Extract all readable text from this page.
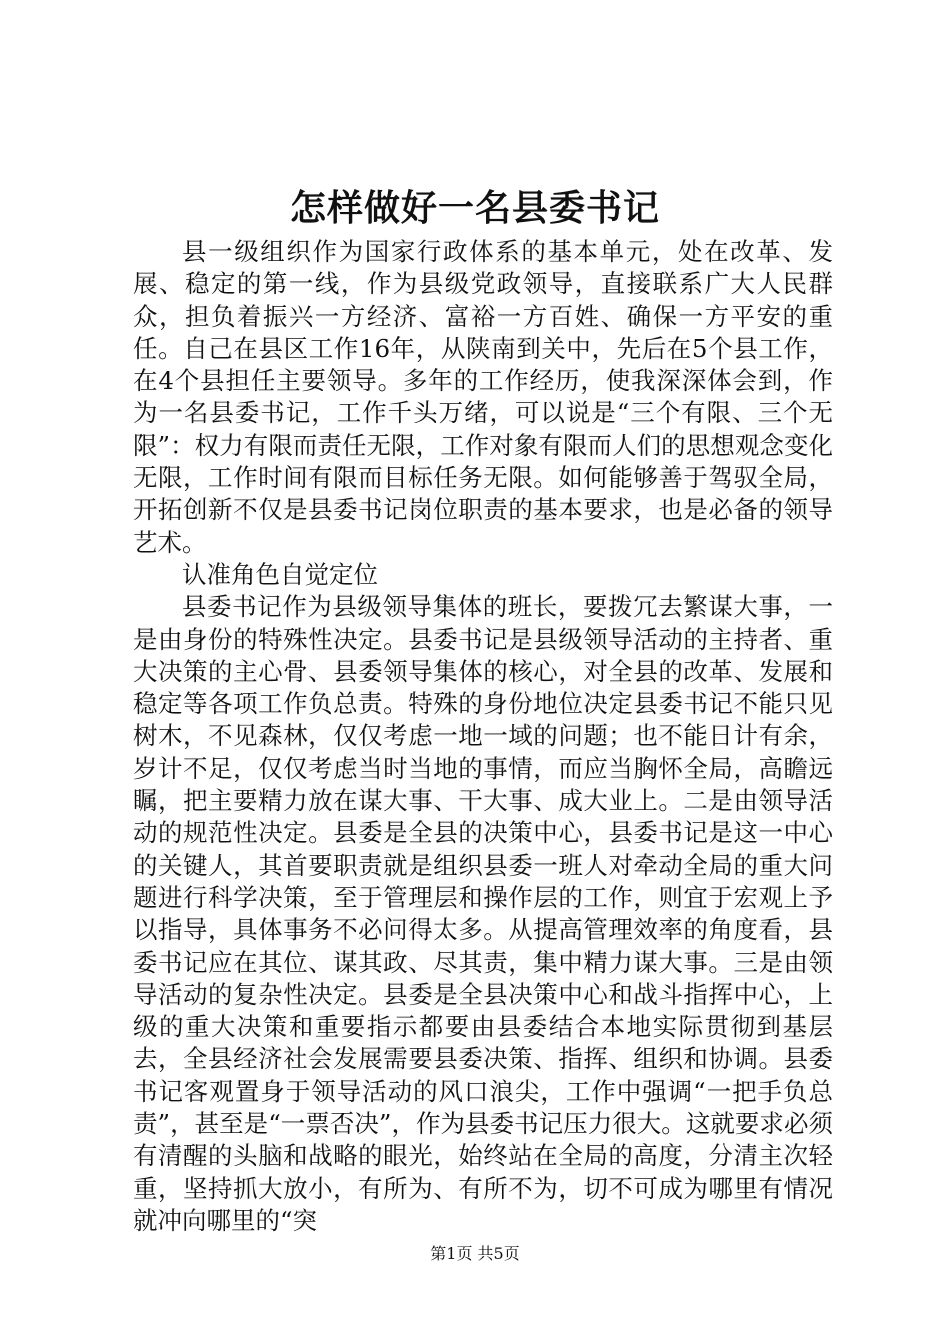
怎样做好一名县委书记

县一级组织作为国家行政体系的基本单元，处在改革、发展、稳定的第一线，作为县级党政领导，直接联系广大人民群众，担负着振兴一方经济、富裕一方百姓、确保一方平安的重任。自己在县区工作16年，从陕南到关中，先后在5个县工作，在4个县担任主要领导。多年的工作经历，使我深深体会到，作为一名县委书记，工作千头万绪，可以说是“三个有限、三个无限”：权力有限而责任无限，工作对象有限而人们的思想观念变化无限，工作时间有限而目标任务无限。如何能够善于驾驭全局，开拓创新不仅是县委书记岗位职责的基本要求，也是必备的领导艺术。

认准角色自觉定位

县委书记作为县级领导集体的班长，要拨冗去繁谋大事，一是由身份的特殊性决定。县委书记是县级领导活动的主持者、重大决策的主心骨、县委领导集体的核心，对全县的改革、发展和稳定等各项工作负总责。特殊的身份地位决定县委书记不能只见树木，不见森林，仅仅考虑一地一域的问题；也不能日计有余，岁计不足，仅仅考虑当时当地的事情，而应当胸怀全局，高瞻远瞩，把主要精力放在谋大事、干大事、成大业上。二是由领导活动的规范性决定。县委是全县的决策中心，县委书记是这一中心的关键人，其首要职责就是组织县委一班人对牵动全局的重大问题进行科学决策，至于管理层和操作层的工作，则宜于宏观上予以指导，具体事务不必问得太多。从提高管理效率的角度看，县委书记应在其位、谋其政、尽其责，集中精力谋大事。三是由领导活动的复杂性决定。县委是全县决策中心和战斗指挥中心，上级的重大决策和重要指示都要由县委结合本地实际贯彻到基层去，全县经济社会发展需要县委决策、指挥、组织和协调。县委书记客观置身于领导活动的风口浪尖，工作中强调“一把手负总责”，甚至是“一票否决”，作为县委书记压力很大。这就要求必须有清醒的头脑和战略的眼光，始终站在全局的高度，分清主次轻重，坚持抓大放小，有所为、有所不为，切不可成为哪里有情况就冲向哪里的“突

第1页 共5页
